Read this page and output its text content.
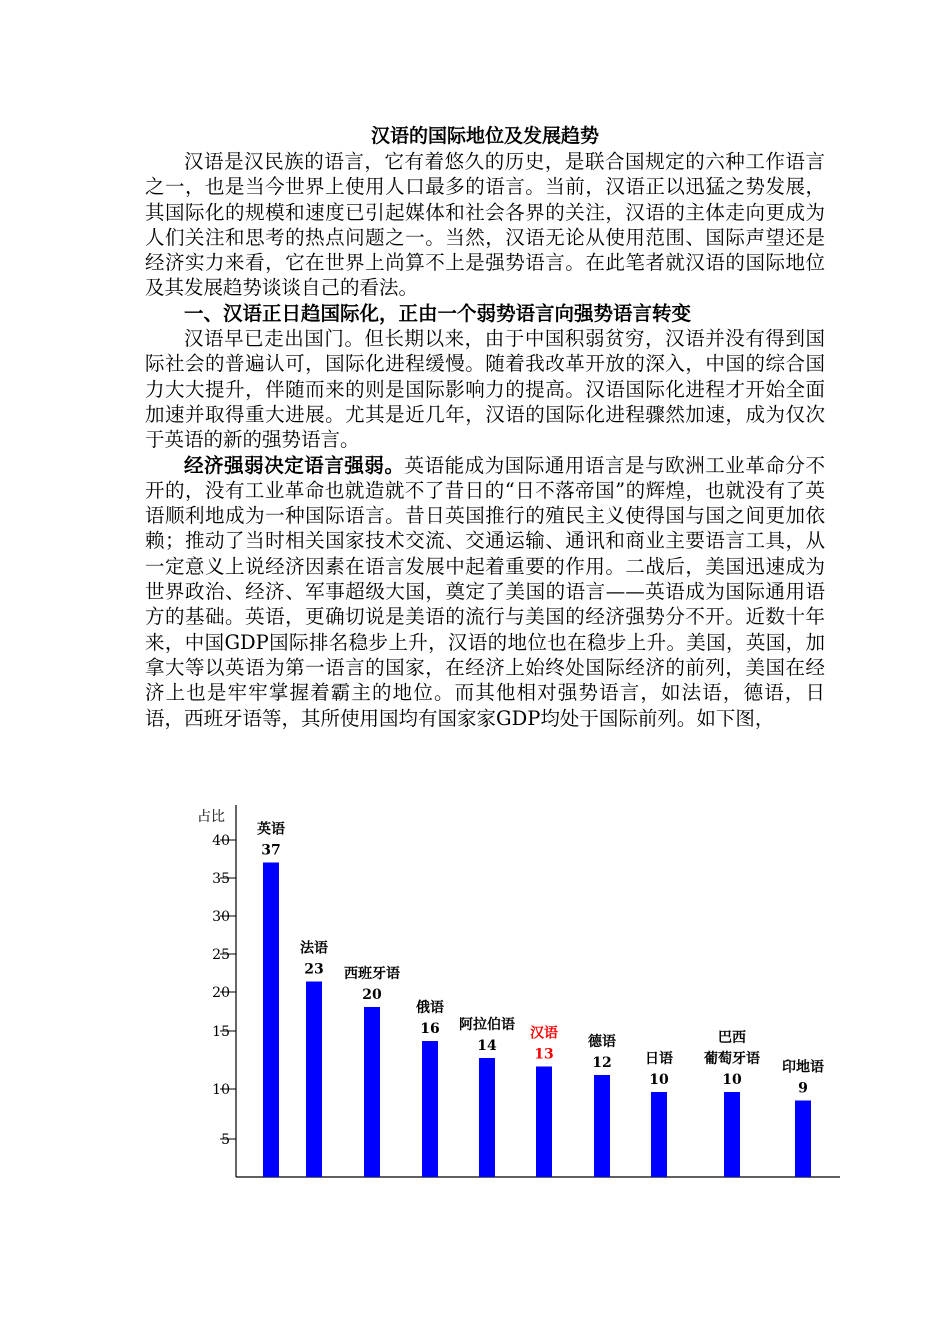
汉语的国际地位及发展趋势

汉语是汉民族的语言，它有着悠久的历史，是联合国规定的六种工作语言之一，也是当今世界上使用人口最多的语言。当前，汉语正以迅猛之势发展，其国际化的规模和速度已引起媒体和社会各界的关注，汉语的主体走向更成为人们关注和思考的热点问题之一。当然，汉语无论从使用范围、国际声望还是经济实力来看，它在世界上尚算不上是强势语言。在此笔者就汉语的国际地位及其发展趋势谈谈自己的看法。

一、汉语正日趋国际化，正由一个弱势语言向强势语言转变

汉语早已走出国门。但长期以来，由于中国积弱贫穷，汉语并没有得到国际社会的普遍认可，国际化进程缓慢。随着我改革开放的深入，中国的综合国力大大提升，伴随而来的则是国际影响力的提高。汉语国际化进程才开始全面加速并取得重大进展。尤其是近几年，汉语的国际化进程骤然加速，成为仅次于英语的新的强势语言。

经济强弱决定语言强弱。英语能成为国际通用语言是与欧洲工业革命分不开的，没有工业革命也就造就不了昔日的“日不落帝国”的辉煌，也就没有了英语顺利地成为一种国际语言。昔日英国推行的殖民主义使得国与国之间更加依赖；推动了当时相关国家技术交流、交通运输、通讯和商业主要语言工具，从一定意义上说经济因素在语言发展中起着重要的作用。二战后，美国迅速成为世界政治、经济、军事超级大国，奠定了美国的语言——英语成为国际通用语方的基础。英语，更确切说是美语的流行与美国的经济强势分不开。近数十年来，中国GDP国际排名稳步上升，汉语的地位也在稳步上升。美国，英国，加拿大等以英语为第一语言的国家，在经济上始终处国际经济的前列，美国在经济上也是牢牢掌握着霸主的地位。而其他相对强势语言，如法语，德语，日语，西班牙语等，其所使用国均有国家家GDP均处于国际前列。如下图，

占比
40
35
30
25
20
15
10
5
37
英语
23
法语
20
西班牙语
16
俄语
14
阿拉伯语
13
汉语
12
德语
10
日语
10
葡萄牙语
巴西
9
印地语
